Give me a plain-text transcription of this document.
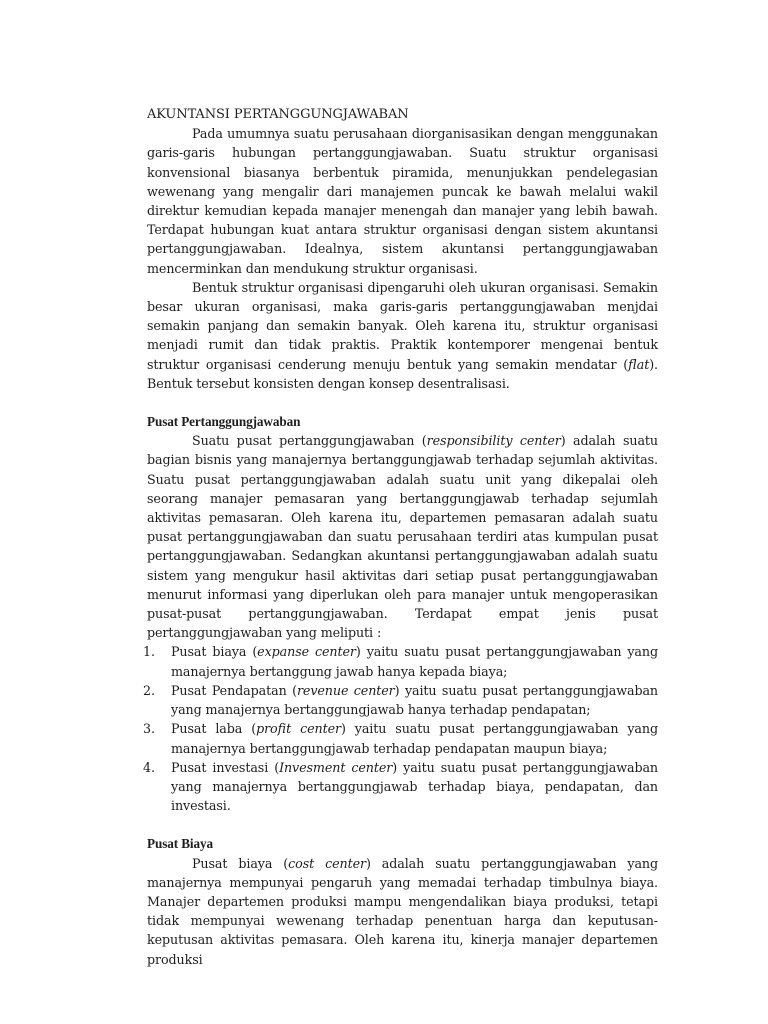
AKUNTANSI PERTANGGUNGJAWABAN

Pada umumnya suatu perusahaan diorganisasikan dengan menggunakan garis-garis hubungan pertanggungjawaban. Suatu struktur organisasi konvensional biasanya berbentuk piramida, menunjukkan pendelegasian wewenang yang mengalir dari manajemen puncak ke bawah melalui wakil direktur kemudian kepada manajer menengah dan manajer yang lebih bawah. Terdapat hubungan kuat antara struktur organisasi dengan sistem akuntansi pertanggungjawaban. Idealnya, sistem akuntansi pertanggungjawaban mencerminkan dan mendukung struktur organisasi.

Bentuk struktur organisasi dipengaruhi oleh ukuran organisasi. Semakin besar ukuran organisasi, maka garis-garis pertanggungjawaban menjdai semakin panjang dan semakin banyak. Oleh karena itu, struktur organisasi menjadi rumit dan tidak praktis. Praktik kontemporer mengenai bentuk struktur organisasi cenderung menuju bentuk yang semakin mendatar (flat). Bentuk tersebut konsisten dengan konsep desentralisasi.

Pusat Pertanggungjawaban

Suatu pusat pertanggungjawaban (responsibility center) adalah suatu bagian bisnis yang manajernya bertanggungjawab terhadap sejumlah aktivitas. Suatu pusat pertanggungjawaban adalah suatu unit yang dikepalai oleh seorang manajer pemasaran yang bertanggungjawab terhadap sejumlah aktivitas pemasaran. Oleh karena itu, departemen pemasaran adalah suatu pusat pertanggungjawaban dan suatu perusahaan terdiri atas kumpulan pusat pertanggungjawaban. Sedangkan akuntansi pertanggungjawaban adalah suatu sistem yang mengukur hasil aktivitas dari setiap pusat pertanggungjawaban menurut informasi yang diperlukan oleh para manajer untuk mengoperasikan pusat-pusat pertanggungjawaban. Terdapat empat jenis pusat pertanggungjawaban yang meliputi :

1. Pusat biaya (expanse center) yaitu suatu pusat pertanggungjawaban yang manajernya bertanggung jawab hanya kepada biaya;
2. Pusat Pendapatan (revenue center) yaitu suatu pusat pertanggungjawaban yang manajernya bertanggungjawab hanya terhadap pendapatan;
3. Pusat laba (profit center) yaitu suatu pusat pertanggungjawaban yang manajernya bertanggungjawab terhadap pendapatan maupun biaya;
4. Pusat investasi (Invesment center) yaitu suatu pusat pertanggungjawaban yang manajernya bertanggungjawab terhadap biaya, pendapatan, dan investasi.
Pusat Biaya

Pusat biaya (cost center) adalah suatu pertanggungjawaban yang manajernya mempunyai pengaruh yang memadai terhadap timbulnya biaya. Manajer departemen produksi mampu mengendalikan biaya produksi, tetapi tidak mempunyai wewenang terhadap penentuan harga dan keputusan-keputusan aktivitas pemasara. Oleh karena itu, kinerja manajer departemen produksi
